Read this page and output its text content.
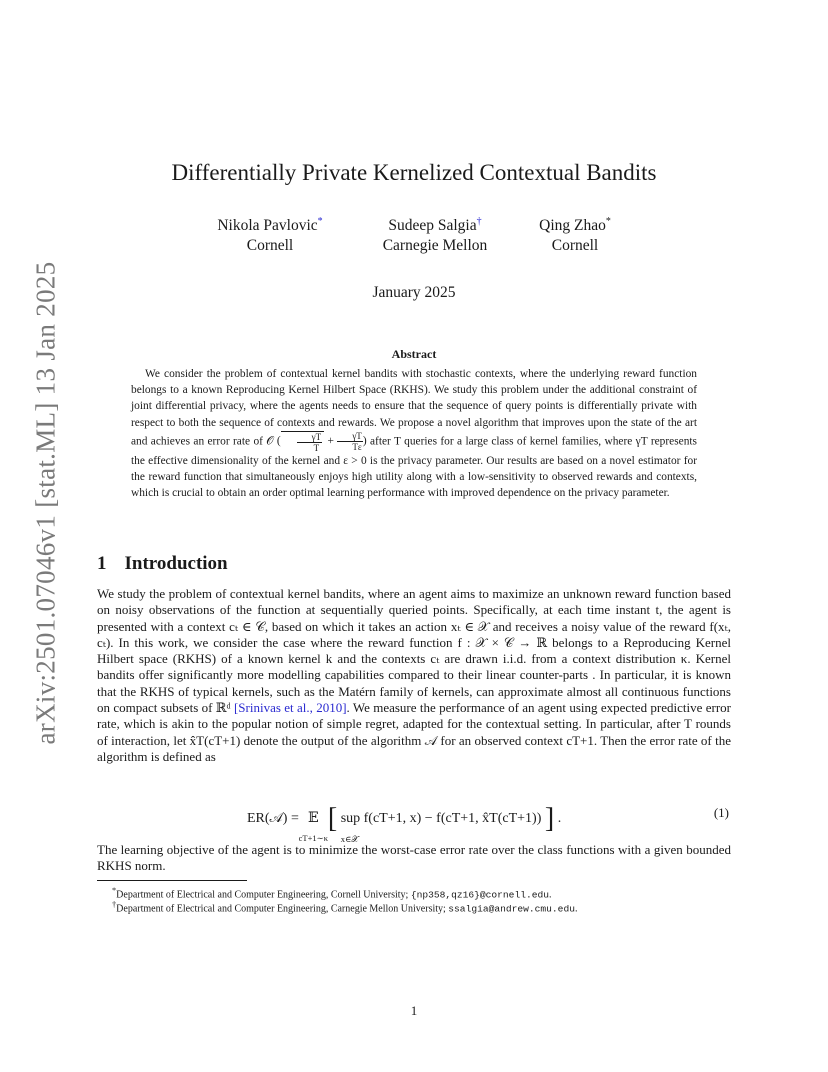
arXiv:2501.07046v1 [stat.ML] 13 Jan 2025
Differentially Private Kernelized Contextual Bandits
Nikola Pavlovic*
Cornell
Sudeep Salgia†
Carnegie Mellon
Qing Zhao*
Cornell
January 2025
Abstract
We consider the problem of contextual kernel bandits with stochastic contexts, where the underlying reward function belongs to a known Reproducing Kernel Hilbert Space (RKHS). We study this problem under the additional constraint of joint differential privacy, where the agents needs to ensure that the sequence of query points is differentially private with respect to both the sequence of contexts and rewards. We propose a novel algorithm that improves upon the state of the art and achieves an error rate of 𝒪 ( $\frac{\gamma T}{T} + \frac{\gamma T}{T\varepsilon}$ ) after T queries for a large class of kernel families, where γT represents the effective dimensionality of the kernel and ε > 0 is the privacy parameter. Our results are based on a novel estimator for the reward function that simultaneously enjoys high utility along with a low-sensitivity to observed rewards and contexts, which is crucial to obtain an order optimal learning performance with improved dependence on the privacy parameter.
1 Introduction
We study the problem of contextual kernel bandits, where an agent aims to maximize an unknown reward function based on noisy observations of the function at sequentially queried points. Specifically, at each time instant t, the agent is presented with a context cₜ ∈ 𝒞, based on which it takes an action xₜ ∈ 𝒳 and receives a noisy value of the reward f(xₜ, cₜ). In this work, we consider the case where the reward function f : 𝒳 × 𝒞 → ℝ belongs to a Reproducing Kernel Hilbert space (RKHS) of a known kernel k and the contexts cₜ are drawn i.i.d. from a context distribution κ. Kernel bandits offer significantly more modelling capabilities compared to their linear counter-parts . In particular, it is known that the RKHS of typical kernels, such as the Matérn family of kernels, can approximate almost all continuous functions on compact subsets of ℝᵈ [Srinivas et al., 2010]. We measure the performance of an agent using expected predictive error rate, which is akin to the popular notion of simple regret, adapted for the contextual setting. In particular, after T rounds of interaction, let x̂T(cT+1) denote the output of the algorithm 𝒜 for an observed context cT+1. Then the error rate of the algorithm is defined as
ER(𝒜) = 𝔼
cT+1∼κ
[ sup
x∈𝒳
f(cT+1, x) − f(cT+1, x̂T(cT+1)) ] .	(1)
The learning objective of the agent is to minimize the worst-case error rate over the class functions with a given bounded RKHS norm.
*Department of Electrical and Computer Engineering, Cornell University; {np358,qz16}@cornell.edu.
†Department of Electrical and Computer Engineering, Carnegie Mellon University; ssalgia@andrew.cmu.edu.
1
